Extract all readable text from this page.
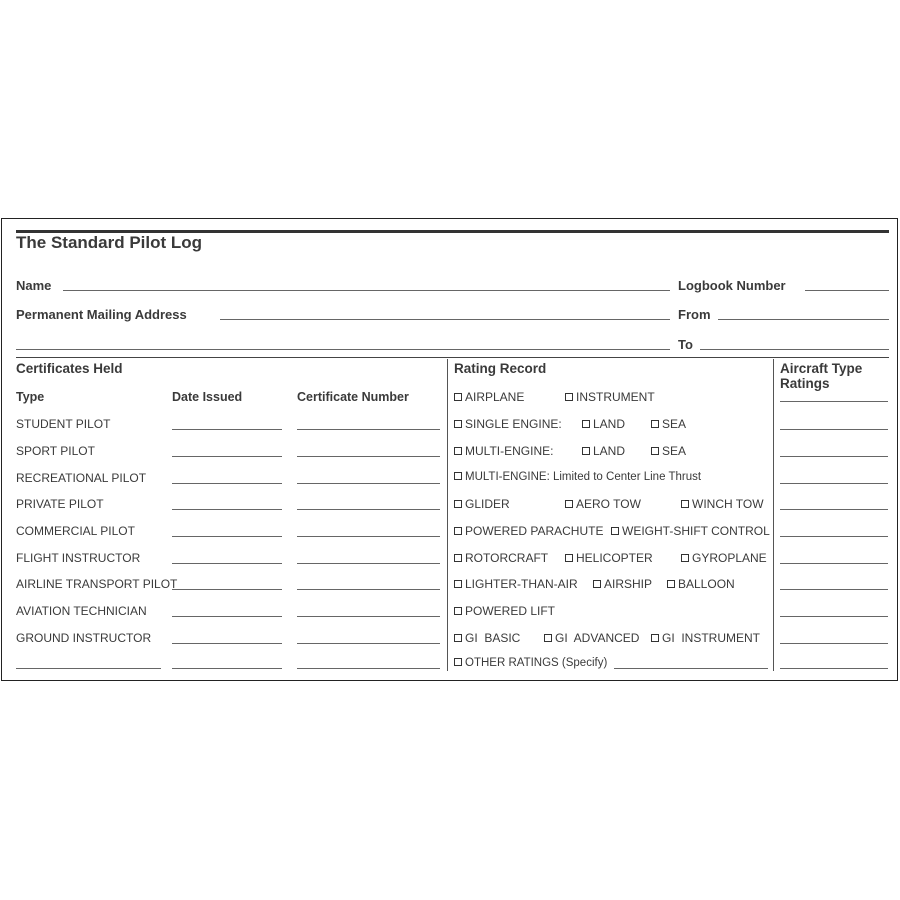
The Standard Pilot Log
Name	Logbook Number
Permanent Mailing Address	From
To
Certificates Held
Type	Date Issued	Certificate Number
STUDENT PILOT
SPORT PILOT
RECREATIONAL PILOT
PRIVATE PILOT
COMMERCIAL PILOT
FLIGHT INSTRUCTOR
AIRLINE TRANSPORT PILOT
AVIATION TECHNICIAN
GROUND INSTRUCTOR
Rating Record
AIRPLANE	INSTRUMENT
SINGLE ENGINE:	LAND	SEA
MULTI-ENGINE:	LAND	SEA
MULTI-ENGINE: Limited to Center Line Thrust
GLIDER	AERO TOW	WINCH TOW
POWERED PARACHUTE	WEIGHT-SHIFT CONTROL
ROTORCRAFT	HELICOPTER	GYROPLANE
LIGHTER-THAN-AIR	AIRSHIP	BALLOON
POWERED LIFT
GI  BASIC	GI  ADVANCED	GI  INSTRUMENT
OTHER RATINGS (Specify)
Aircraft Type
Ratings
